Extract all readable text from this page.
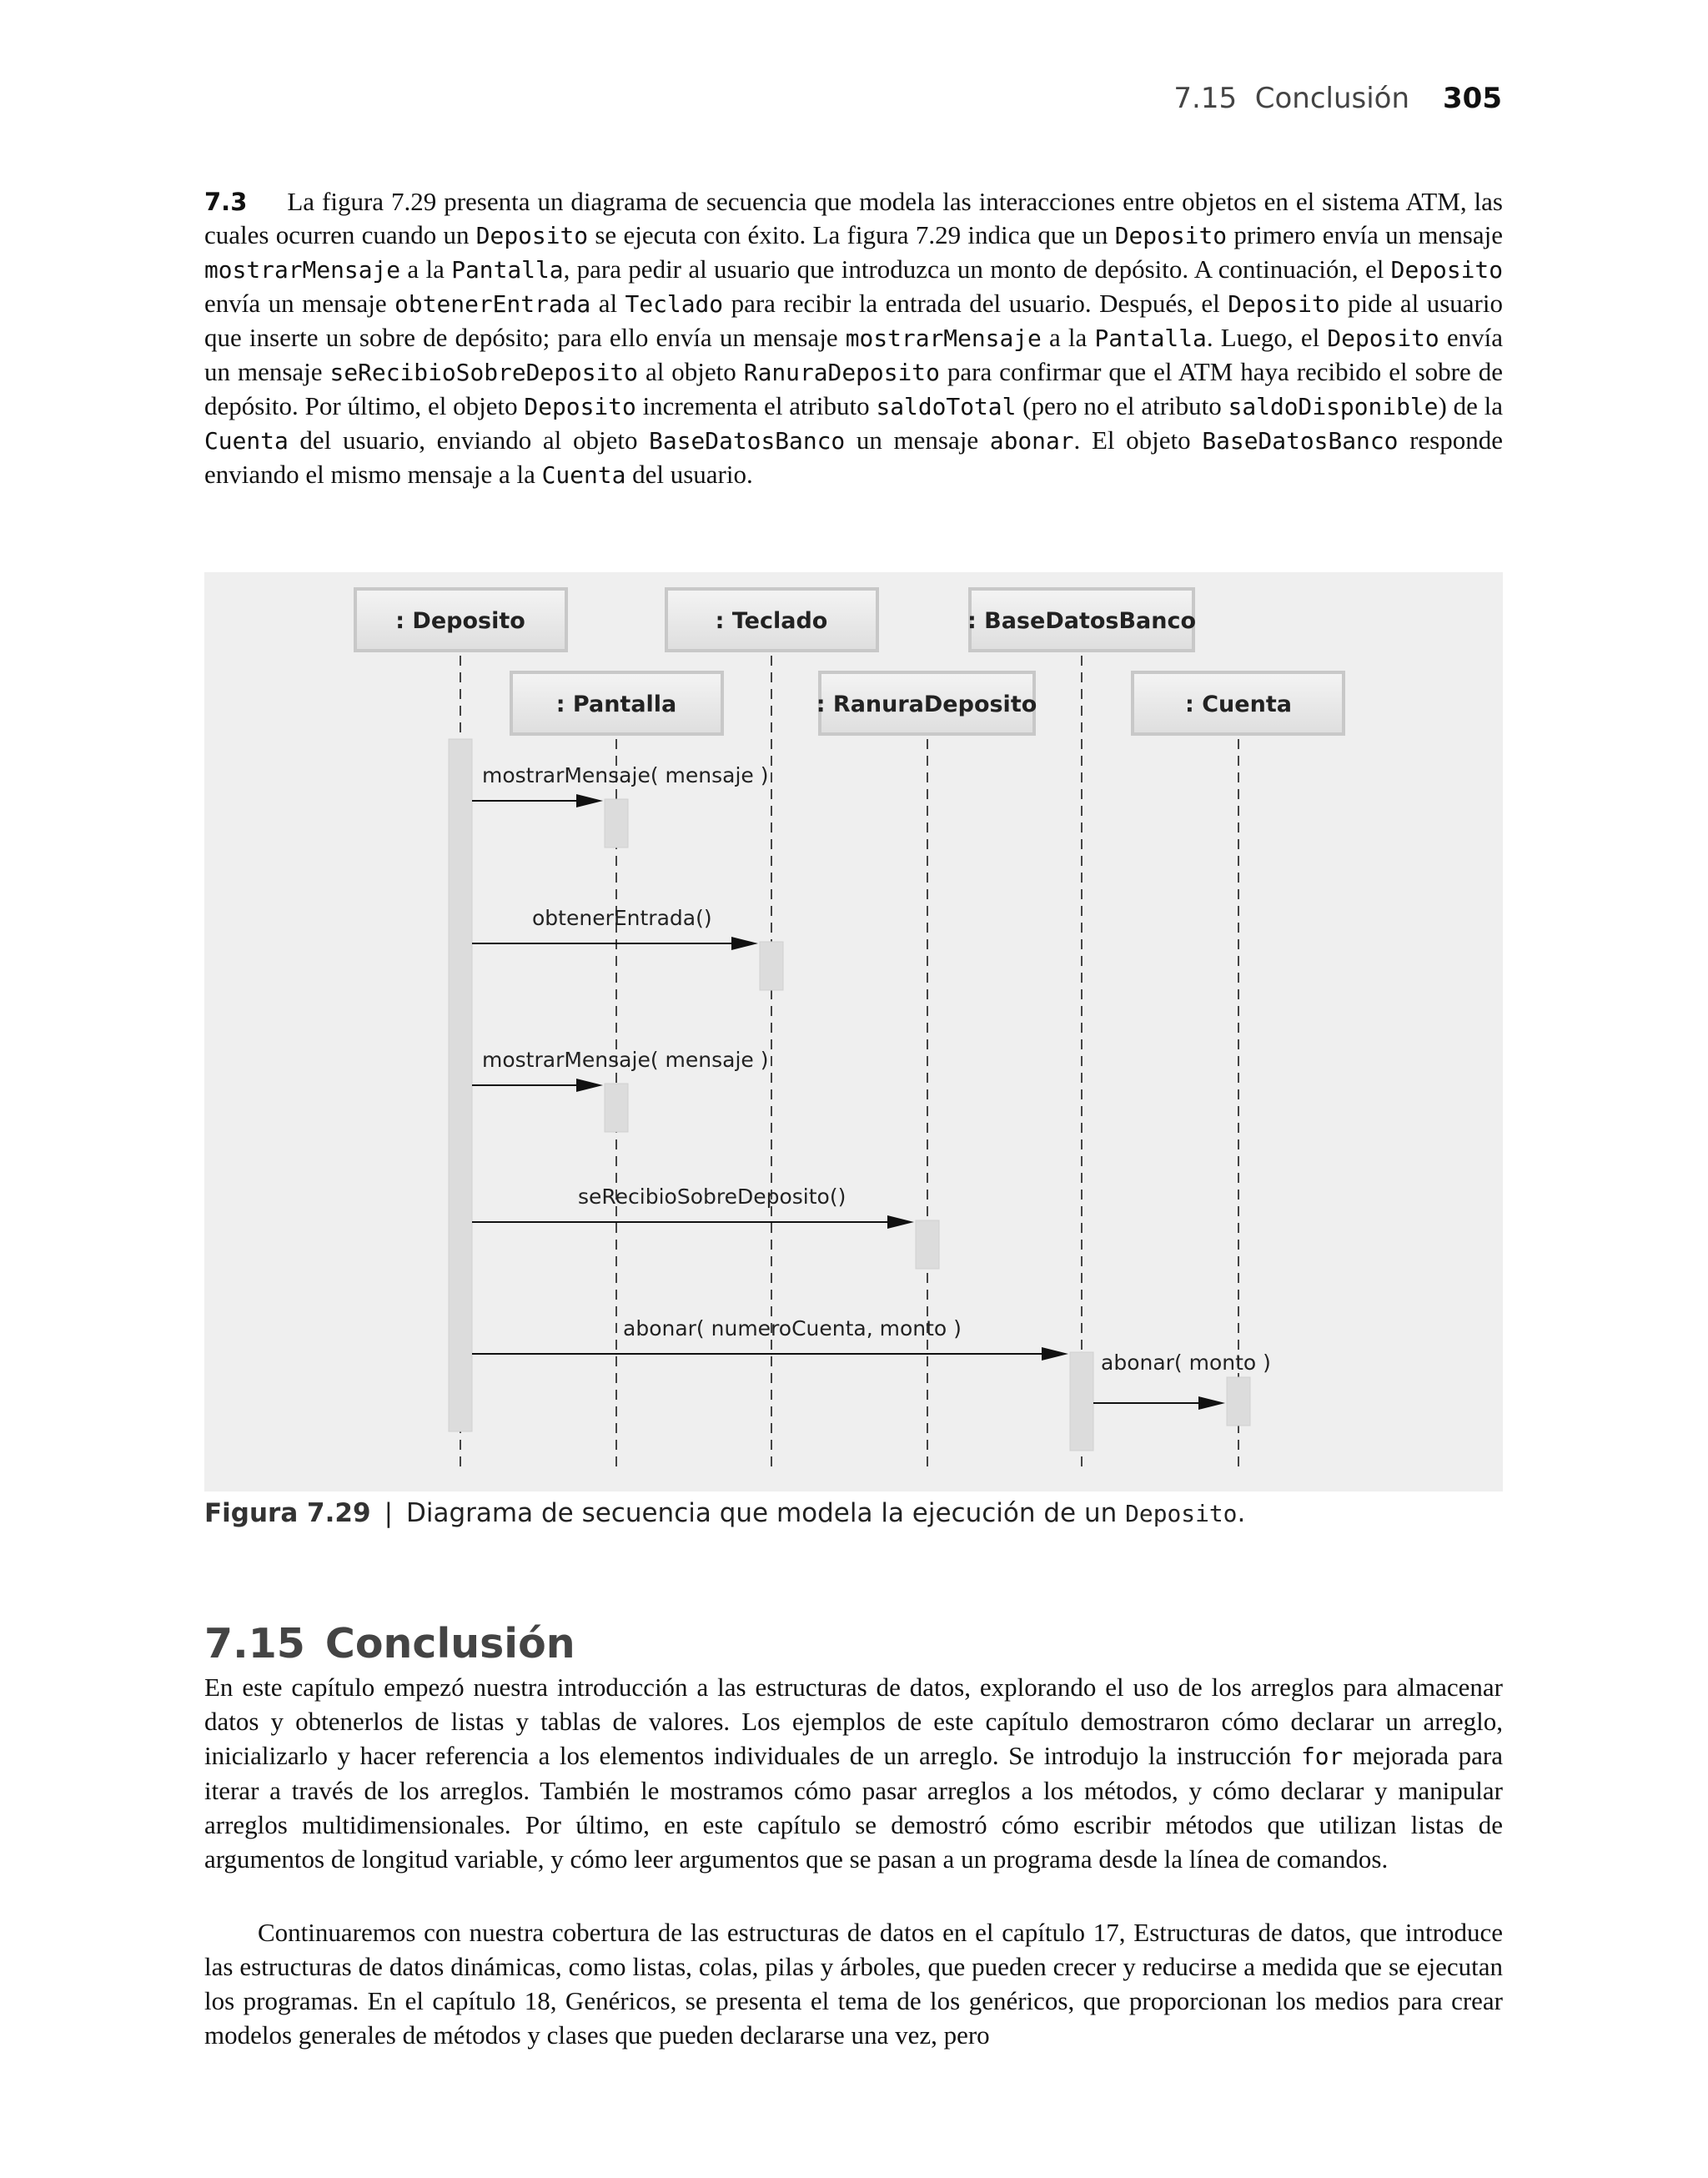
7.15  Conclusión 305

7.3 La figura 7.29 presenta un diagrama de secuencia que modela las interacciones entre objetos en el sistema ATM, las cuales ocurren cuando un Deposito se ejecuta con éxito. La figura 7.29 indica que un Deposito primero envía un mensaje mostrarMensaje a la Pantalla, para pedir al usuario que introduzca un monto de depósito. A continuación, el Deposito envía un mensaje obtenerEntrada al Teclado para recibir la entrada del usuario. Después, el Deposito pide al usuario que inserte un sobre de depósito; para ello envía un mensaje mostrarMensaje a la Pantalla. Luego, el Deposito envía un mensaje seRecibioSobreDeposito al objeto RanuraDeposito para confirmar que el ATM haya recibido el sobre de depósito. Por último, el objeto Deposito incrementa el atributo saldoTotal (pero no el atributo saldoDisponible) de la Cuenta del usuario, enviando al objeto BaseDatosBanco un mensaje abonar. El objeto BaseDatosBanco responde enviando el mismo mensaje a la Cuenta del usuario.

: Deposito	: Teclado	: BaseDatosBanco
: Pantalla	: RanuraDeposito	: Cuenta
mostrarMensaje( mensaje )
obtenerEntrada()
mostrarMensaje( mensaje )
seRecibioSobreDeposito()
abonar( numeroCuenta, monto )
abonar( monto )
Figura 7.29 | Diagrama de secuencia que modela la ejecución de un Deposito.
7.15 Conclusión

En este capítulo empezó nuestra introducción a las estructuras de datos, explorando el uso de los arreglos para almacenar datos y obtenerlos de listas y tablas de valores. Los ejemplos de este capítulo demostraron cómo declarar un arreglo, inicializarlo y hacer referencia a los elementos individuales de un arreglo. Se introdujo la instrucción for mejorada para iterar a través de los arreglos. También le mostramos cómo pasar arreglos a los métodos, y cómo declarar y manipular arreglos multidimensionales. Por último, en este capítulo se demostró cómo escribir métodos que utilizan listas de argumentos de longitud variable, y cómo leer argumentos que se pasan a un programa desde la línea de comandos.

Continuaremos con nuestra cobertura de las estructuras de datos en el capítulo 17, Estructuras de datos, que introduce las estructuras de datos dinámicas, como listas, colas, pilas y árboles, que pueden crecer y reducirse a medida que se ejecutan los programas. En el capítulo 18, Genéricos, se presenta el tema de los genéricos, que proporcionan los medios para crear modelos generales de métodos y clases que pueden declararse una vez, pero
